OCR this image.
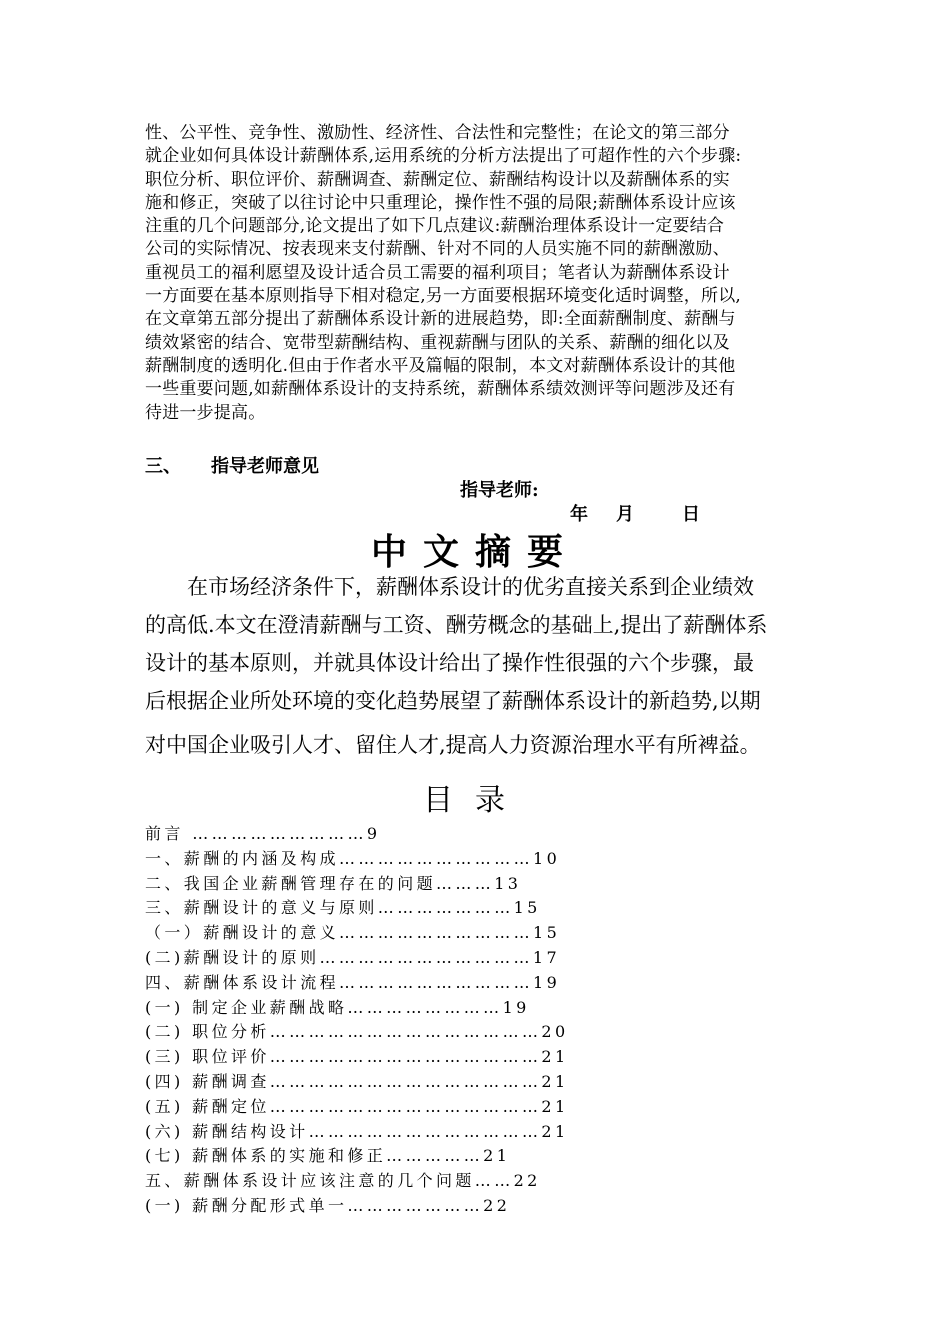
性、公平性、竞争性、激励性、经济性、合法性和完整性；在论文的第三部分
就企业如何具体设计薪酬体系,运用系统的分析方法提出了可超作性的六个步骤:
职位分析、职位评价、薪酬调查、薪酬定位、薪酬结构设计以及薪酬体系的实
施和修正，突破了以往讨论中只重理论，操作性不强的局限;薪酬体系设计应该
注重的几个问题部分,论文提出了如下几点建议:薪酬治理体系设计一定要结合
公司的实际情况、按表现来支付薪酬、针对不同的人员实施不同的薪酬激励、
重视员工的福利愿望及设计适合员工需要的福利项目；笔者认为薪酬体系设计
一方面要在基本原则指导下相对稳定,另一方面要根据环境变化适时调整，所以,
在文章第五部分提出了薪酬体系设计新的进展趋势，即:全面薪酬制度、薪酬与
绩效紧密的结合、宽带型薪酬结构、重视薪酬与团队的关系、薪酬的细化以及
薪酬制度的透明化.但由于作者水平及篇幅的限制，本文对薪酬体系设计的其他
一些重要问题,如薪酬体系设计的支持系统，薪酬体系绩效测评等问题涉及还有
待进一步提高。
三、 指导老师意见
指导老师:
年 月	日
中文摘要
　　在市场经济条件下，薪酬体系设计的优劣直接关系到企业绩效
的高低.本文在澄清薪酬与工资、酬劳概念的基础上,提出了薪酬体系
设计的基本原则，并就具体设计给出了操作性很强的六个步骤，最
后根据企业所处环境的变化趋势展望了薪酬体系设计的新趋势,以期
对中国企业吸引人才、留住人才,提高人力资源治理水平有所裨益。
目录
前言 ………………………9
一、薪酬的内涵及构成…………………………10
二、我国企业薪酬管理存在的问题………13
三、薪酬设计的意义与原则…………………15
（一）薪酬设计的意义…………………………15
(二)薪酬设计的原则……………………………17
四、薪酬体系设计流程…………………………19
(一) 制定企业薪酬战略……………………19
(二) 职位分析……………………………………20
(三) 职位评价……………………………………21
(四) 薪酬调查……………………………………21
(五) 薪酬定位……………………………………21
(六) 薪酬结构设计………………………………21
(七) 薪酬体系的实施和修正……………21
五、薪酬体系设计应该注意的几个问题……22
(一) 薪酬分配形式单一…………………22
